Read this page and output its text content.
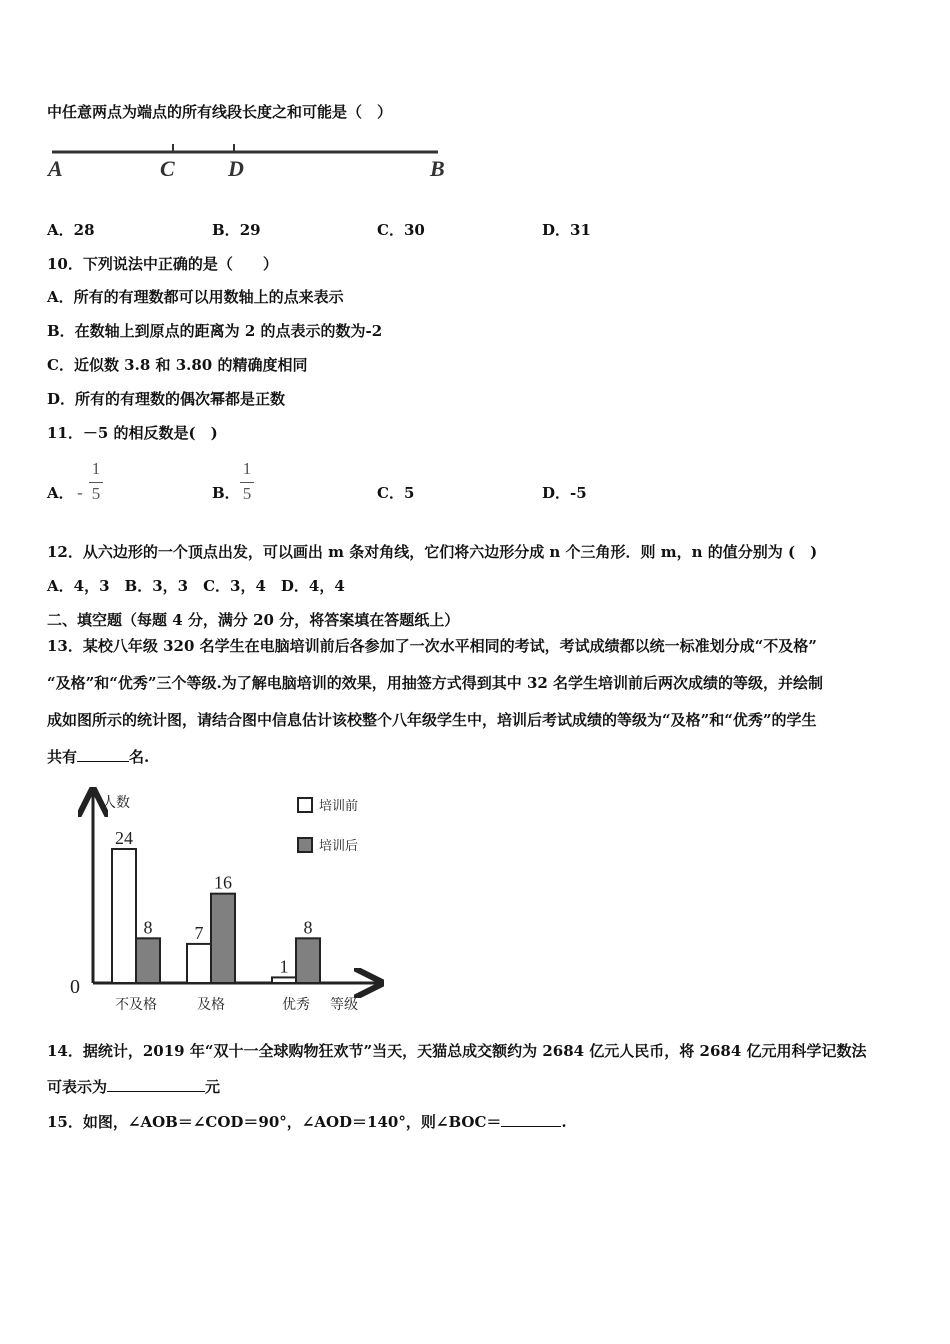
中任意两点为端点的所有线段长度之和可能是（　）
A	C D	B
A．28	B．29	C．30	D．31
10．下列说法中正确的是（　　）
A．所有的有理数都可以用数轴上的点来表示
B．在数轴上到原点的距离为 2 的点表示的数为-2
C．近似数 3.8 和 3.80 的精确度相同
D．所有的有理数的偶次幂都是正数
11．－5 的相反数是(　)
A． -
1
5	B．
1
5	C．5	D．-5
12．从六边形的一个顶点出发，可以画出 m 条对角线，它们将六边形分成 n 个三角形．则 m，n 的值分别为 (　)
A．4，3　B．3，3　C．3，4　D．4，4
二、填空题（每题 4 分，满分 20 分，将答案填在答题纸上）
13．某校八年级 320 名学生在电脑培训前后各参加了一次水平相同的考试，考试成绩都以统一标准划分成“不及格”
“及格”和“优秀”三个等级.为了解电脑培训的效果，用抽签方式得到其中 32 名学生培训前后两次成绩的等级，并绘制
成如图所示的统计图，请结合图中信息估计该校整个八年级学生中，培训后考试成绩的等级为“及格”和“优秀”的学生
共有	名.
人数
等级
0
24
8 7
16
1
8
不及格	及格	优秀
培训前
培训后
14．据统计，2019 年“双十一全球购物狂欢节”当天，天猫总成交额约为 2684 亿元人民币，将 2684 亿元用科学记数法
可表示为	元
15．如图，∠AOB＝∠COD＝90°，∠AOD＝140°，则∠BOC＝	.
